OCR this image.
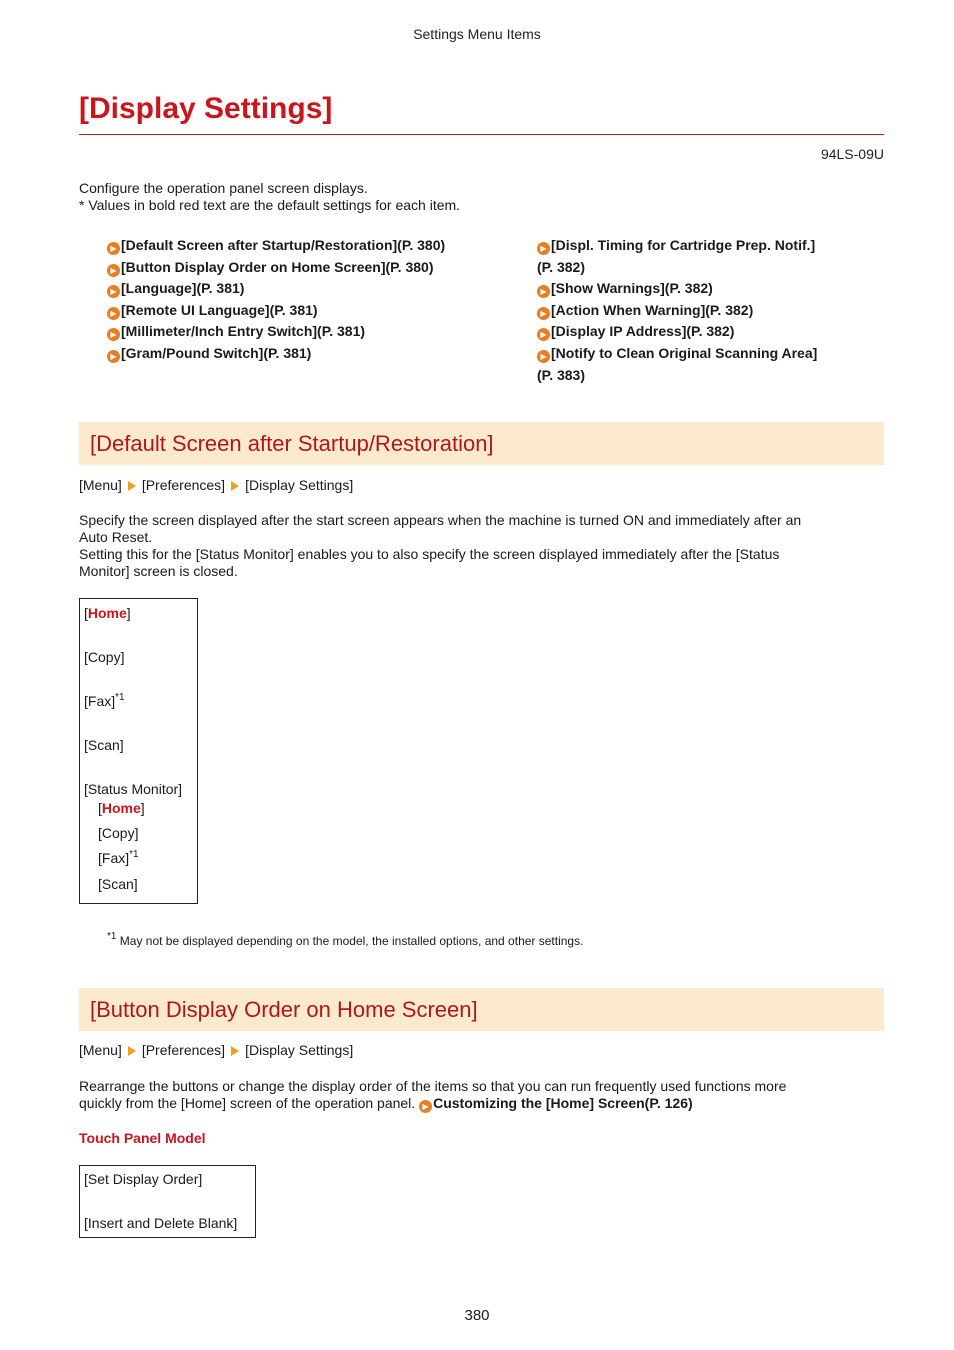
Settings Menu Items
[Display Settings]
94LS-09U
Configure the operation panel screen displays.
* Values in bold red text are the default settings for each item.
▶ [Default Screen after Startup/Restoration](P. 380)
▶ [Button Display Order on Home Screen](P. 380)
▶ [Language](P. 381)
▶ [Remote UI Language](P. 381)
▶ [Millimeter/Inch Entry Switch](P. 381)
▶ [Gram/Pound Switch](P. 381)
▶ [Displ. Timing for Cartridge Prep. Notif.]
(P. 382)
▶ [Show Warnings](P. 382)
▶ [Action When Warning](P. 382)
▶ [Display IP Address](P. 382)
▶ [Notify to Clean Original Scanning Area]
(P. 383)
[Default Screen after Startup/Restoration]
[Menu] [Preferences] [Display Settings]
Specify the screen displayed after the start screen appears when the machine is turned ON and immediately after an
Auto Reset.
Setting this for the [Status Monitor] enables you to also specify the screen displayed immediately after the [Status
Monitor] screen is closed.
[Home]
[Copy]
[Fax]$^{*1}$
[Scan]
[Status Monitor]
[Home]
[Copy]
[Fax]$^{*1}$
[Scan]
$^{*1}$ May not be displayed depending on the model, the installed options, and other settings.
[Button Display Order on Home Screen]
[Menu] [Preferences] [Display Settings]
Rearrange the buttons or change the display order of the items so that you can run frequently used functions more
quickly from the [Home] screen of the operation panel. ▶ Customizing the [Home] Screen(P. 126)
Touch Panel Model
[Set Display Order]
[Insert and Delete Blank]
380
